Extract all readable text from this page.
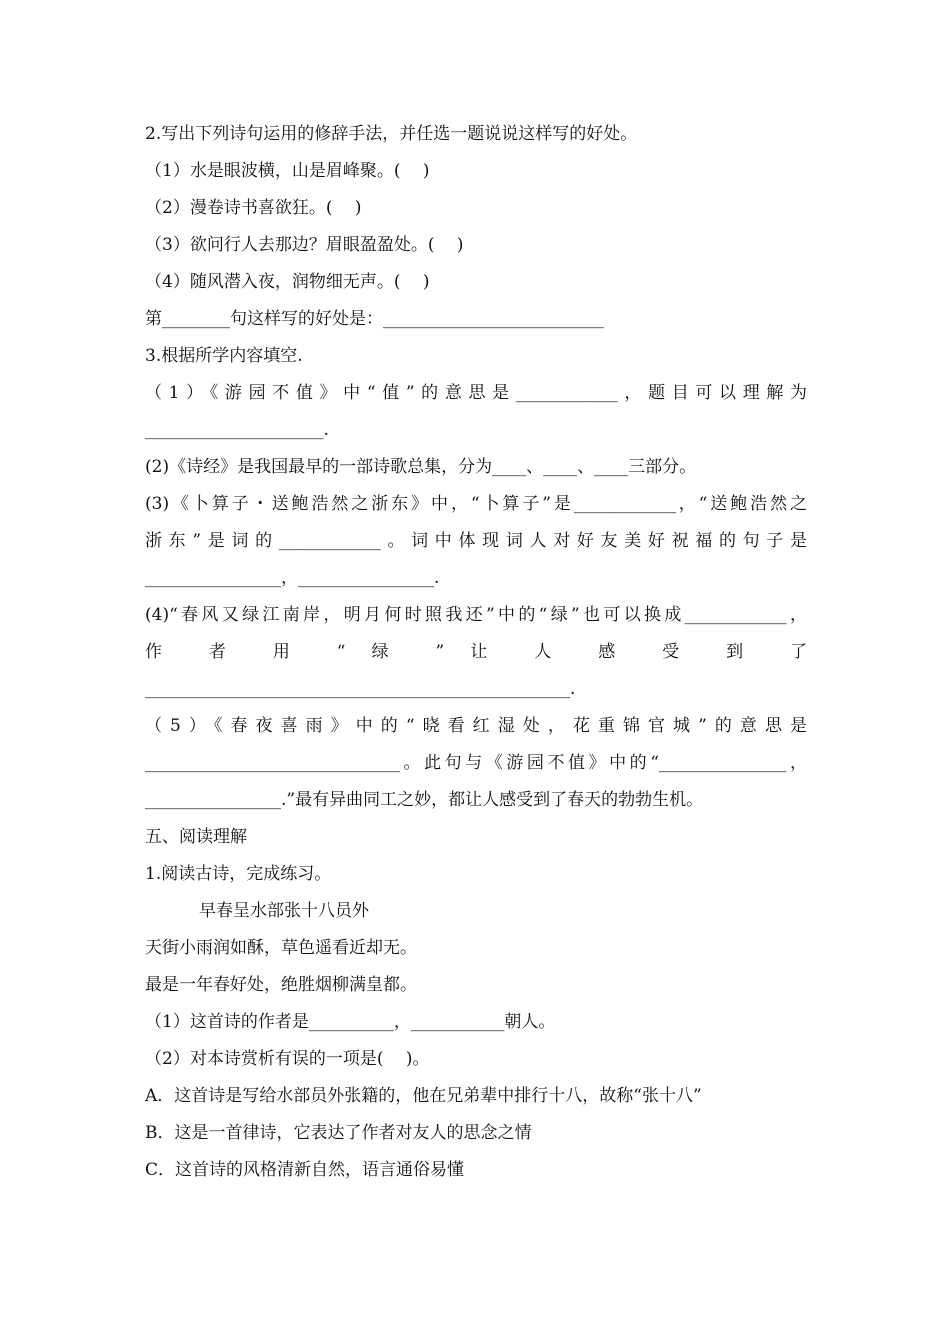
2.写出下列诗句运用的修辞手法，并任选一题说说这样写的好处。
（1）水是眼波横，山是眉峰聚。(　 )
（2）漫卷诗书喜欲狂。(　 )
（3）欲问行人去那边？眉眼盈盈处。(　 )
（4）随风潜入夜，润物细无声。(　 )
第________句这样写的好处是：__________________________
3.根据所学内容填空.
（1）《游园不值》中“值”的意思是____________，题目可以理解为
_____________________.
(2)《诗经》是我国最早的一部诗歌总集，分为____、____、____三部分。
(3)《卜算子・送鲍浩然之浙东》中，“卜算子”是____________，“送鲍浩然之
浙东”是词的____________。词中体现词人对好友美好祝福的句子是
________________，________________.
(4)“春风又绿江南岸，明月何时照我还”中的“绿”也可以换成____________，
作 者 用 “ 绿 ” 让 人 感 受 到 了
__________________________________________________.
（5）《春夜喜雨》中的“晓看红湿处，花重锦官城”的意思是
______________________________。此句与《游园不值》中的“_______________，
________________.”最有异曲同工之妙，都让人感受到了春天的勃勃生机。
五、阅读理解
1.阅读古诗，完成练习。
早春呈水部张十八员外
天街小雨润如酥，草色遥看近却无。
最是一年春好处，绝胜烟柳满皇都。
（1）这首诗的作者是__________，___________朝人。
（2）对本诗赏析有误的一项是(　 )。
A．这首诗是写给水部员外张籍的，他在兄弟辈中排行十八，故称“张十八”
B．这是一首律诗，它表达了作者对友人的思念之情
C．这首诗的风格清新自然，语言通俗易懂
